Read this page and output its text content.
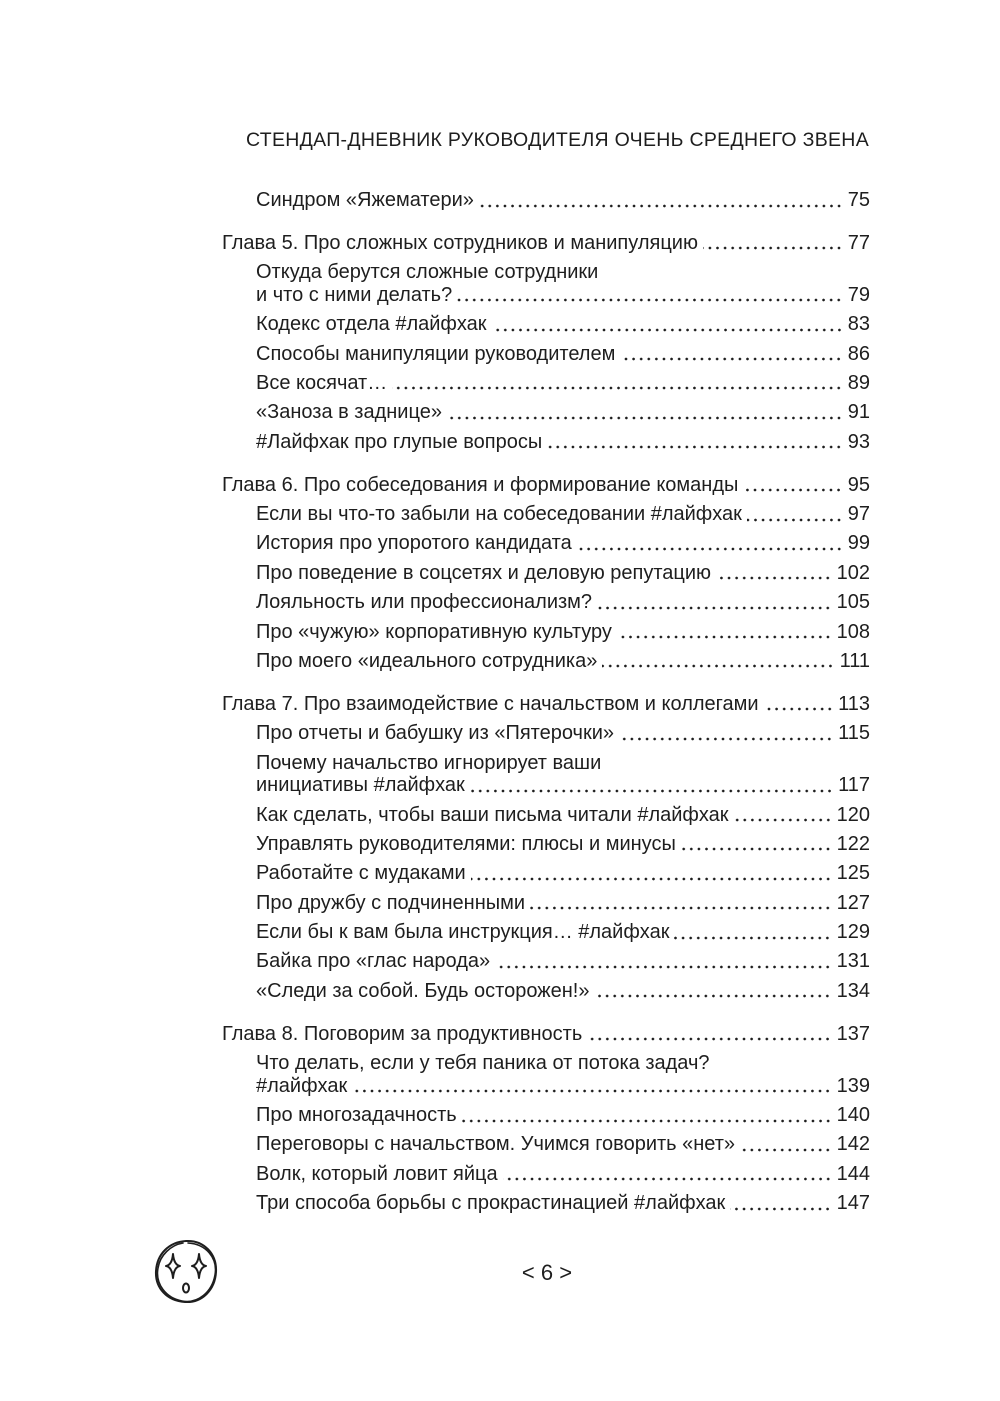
СТЕНДАП-ДНЕВНИК РУКОВОДИТЕЛЯ ОЧЕНЬ СРЕДНЕГО ЗВЕНА
Синдром «Яжематери»	75
Глава 5. Про сложных сотрудников и манипуляцию	77
Откуда берутся сложные сотрудники
и что с ними делать?	79
Кодекс отдела #лайфхак	83
Способы манипуляции руководителем	86
Все косячат…	89
«Заноза в заднице»	91
#Лайфхак про глупые вопросы	93
Глава 6. Про собеседования и формирование команды	95
Если вы что-то забыли на собеседовании #лайфхак	97
История про упоротого кандидата	99
Про поведение в соцсетях и деловую репутацию	102
Лояльность или профессионализм?	105
Про «чужую» корпоративную культуру	108
Про моего «идеального сотрудника»	111
Глава 7. Про взаимодействие с начальством и коллегами	113
Про отчеты и бабушку из «Пятерочки»	115
Почему начальство игнорирует ваши
инициативы #лайфхак	117
Как сделать, чтобы ваши письма читали #лайфхак	120
Управлять руководителями: плюсы и минусы	122
Работайте с мудаками	125
Про дружбу с подчиненными	127
Если бы к вам была инструкция… #лайфхак	129
Байка про «глас народа»	131
«Следи за собой. Будь осторожен!»	134
Глава 8. Поговорим за продуктивность	137
Что делать, если у тебя паника от потока задач?
#лайфхак	139
Про многозадачность	140
Переговоры с начальством. Учимся говорить «нет»	142
Волк, который ловит яйца	144
Три способа борьбы с прокрастинацией #лайфхак	147
< 6 >
